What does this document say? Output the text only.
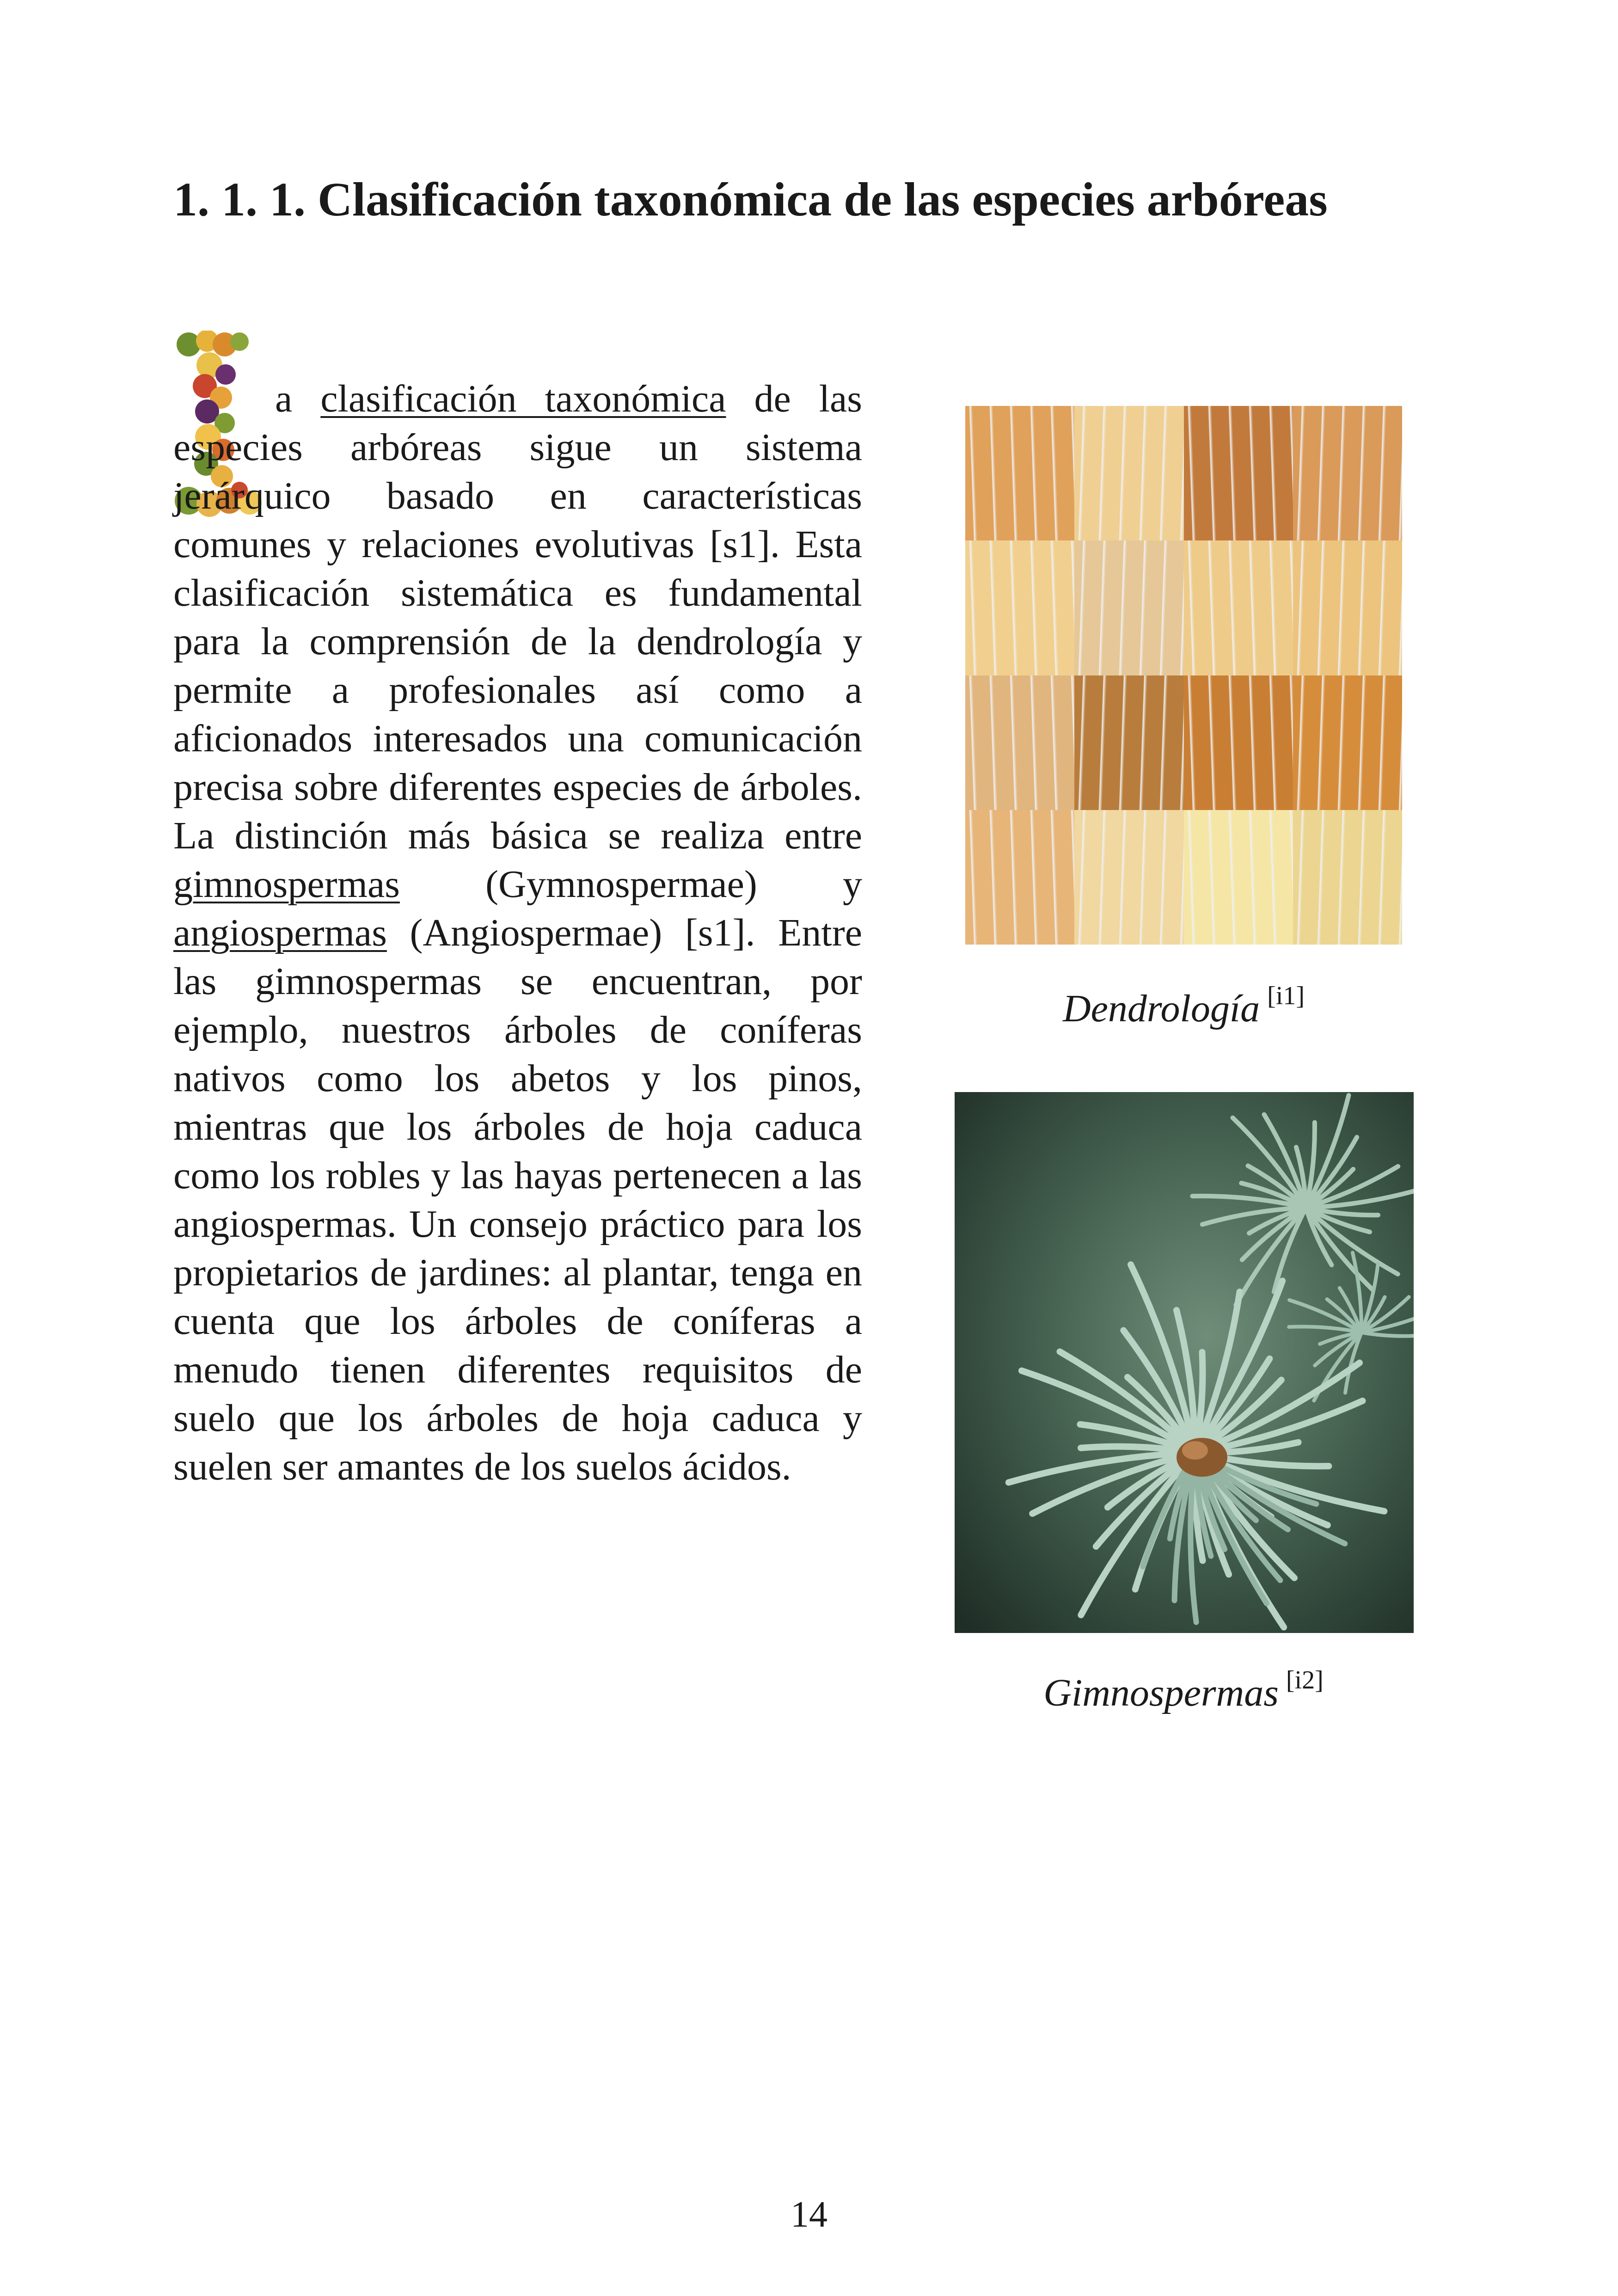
1. 1. 1. Clasificación taxonómica de las especies arbóreas
a clasificación taxonómica de las especies arbóreas sigue un sistema jerárquico basado en características comunes y relaciones evolutivas [s1]. Esta clasificación sistemática es fundamental para la comprensión de la dendrología y permite a profesionales así como a aficionados interesados una comunicación precisa sobre diferentes especies de árboles. La distinción más básica se realiza entre gimnospermas (Gymnospermae) y angiospermas (Angiospermae) [s1]. Entre las gimnospermas se encuentran, por ejemplo, nuestros árboles de coníferas nativos como los abetos y los pinos, mientras que los árboles de hoja caduca como los robles y las hayas pertenecen a las angiospermas. Un consejo práctico para los propietarios de jardines: al plantar, tenga en cuenta que los árboles de coníferas a menudo tienen diferentes requisitos de suelo que los árboles de hoja caduca y suelen ser amantes de los suelos ácidos.
Dendrología [i1]
Gimnospermas [i2]
14
